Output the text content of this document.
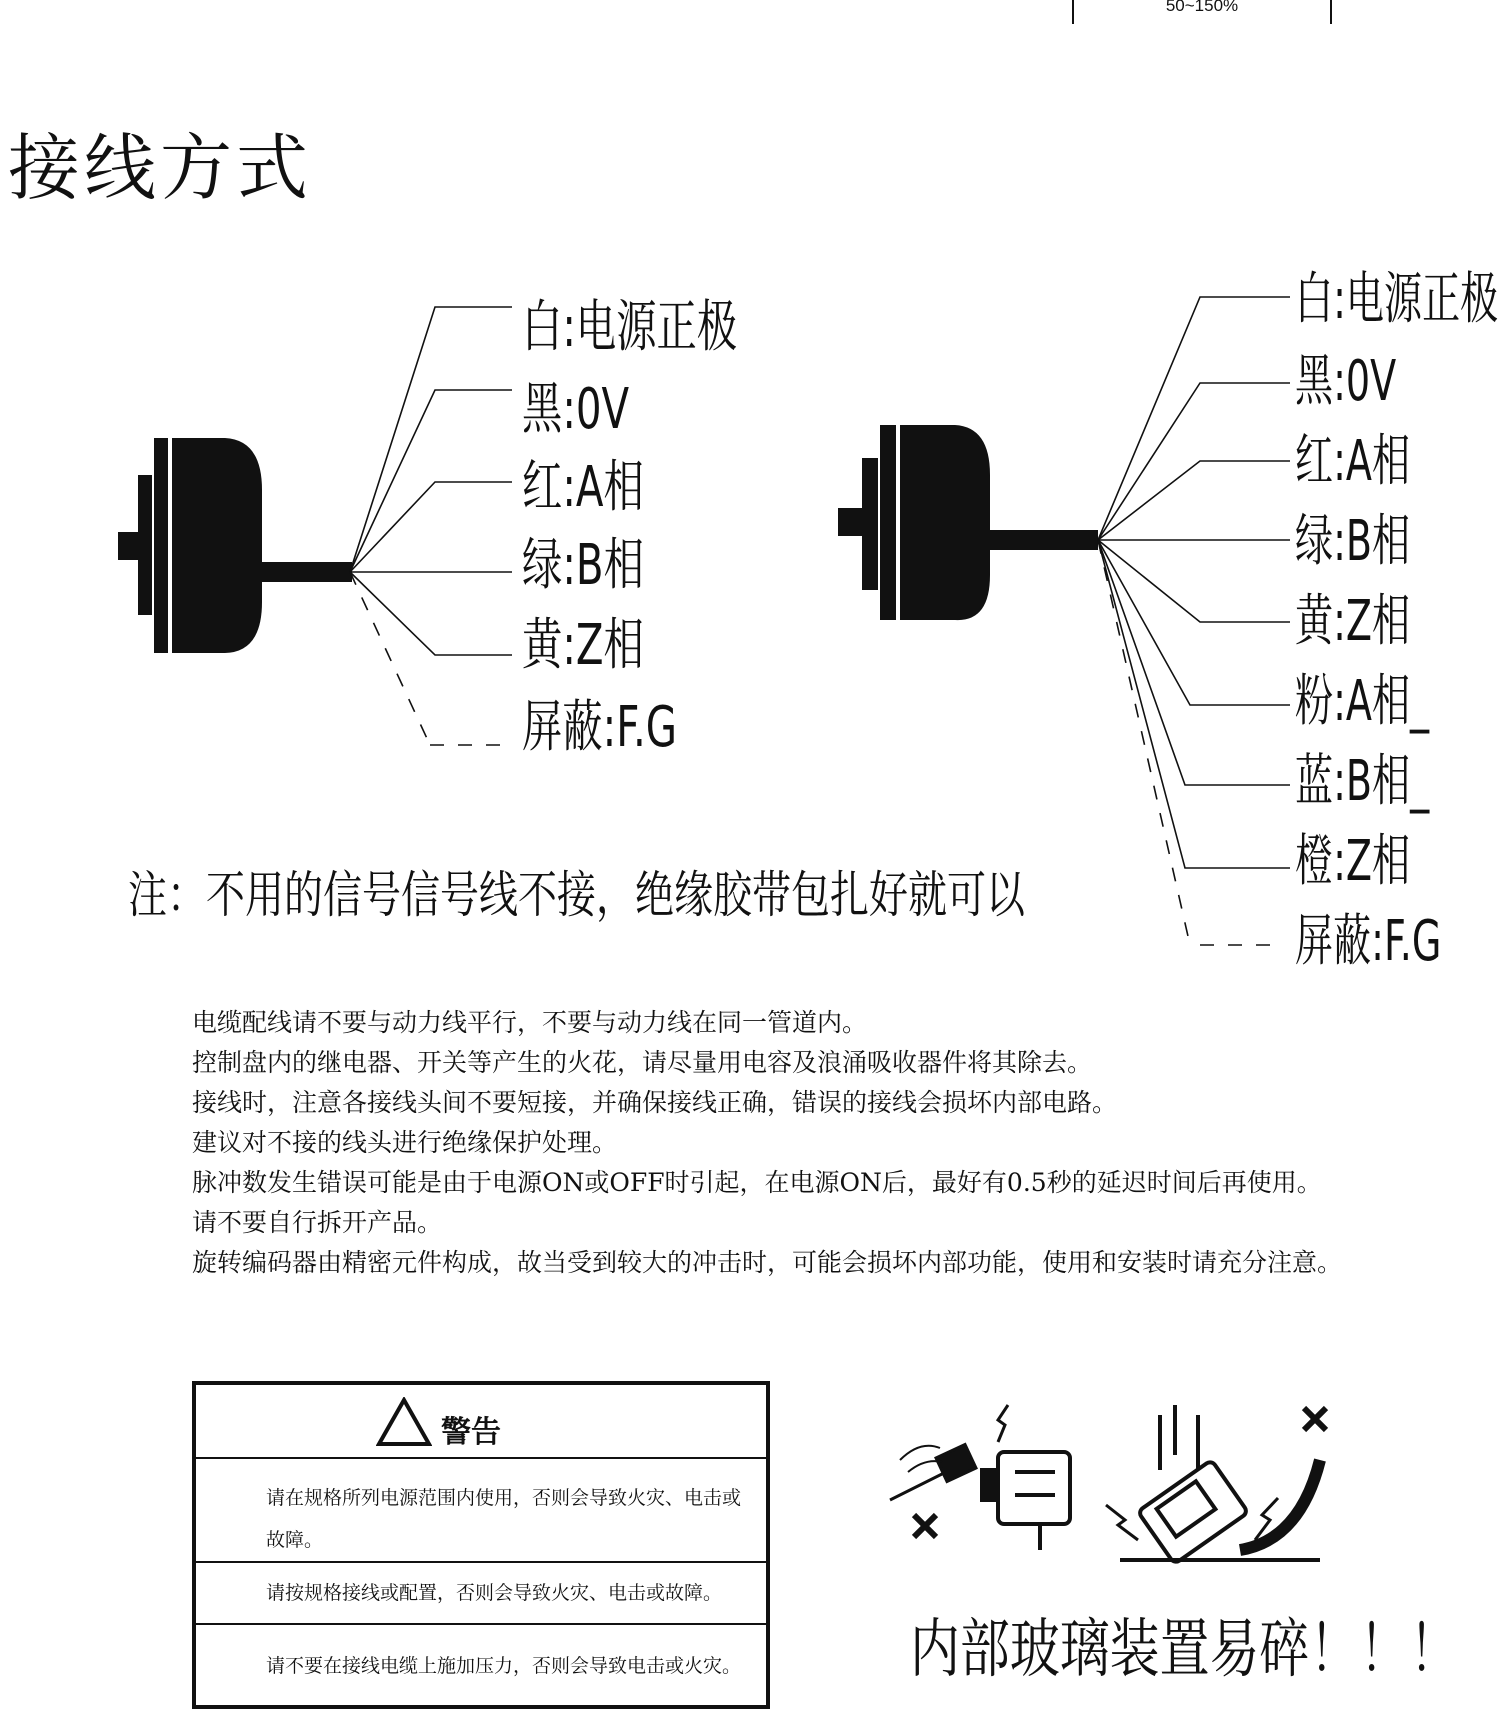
50~150%
接线方式
白:电源正极
黑:0V
红:A相
绿:B相
黄:Z相
屏蔽:F.G
白:电源正极
黑:0V
红:A相
绿:B相
黄:Z相
粉:A相_
蓝:B相_
橙:Z相
屏蔽:F.G
注：不用的信号信号线不接，绝缘胶带包扎好就可以

电缆配线请不要与动力线平行，不要与动力线在同一管道内。

控制盘内的继电器、开关等产生的火花，请尽量用电容及浪涌吸收器件将其除去。

接线时，注意各接线头间不要短接，并确保接线正确，错误的接线会损坏内部电路。

建议对不接的线头进行绝缘保护处理。

脉冲数发生错误可能是由于电源ON或OFF时引起，在电源ON后，最好有0.5秒的延迟时间后再使用。

请不要自行拆开产品。

旋转编码器由精密元件构成，故当受到较大的冲击时，可能会损坏内部功能，使用和安装时请充分注意。

警告
请在规格所列电源范围内使用，否则会导致火灾、电击或故障。
请按规格接线或配置，否则会导致火灾、电击或故障。
请不要在接线电缆上施加压力，否则会导致电击或火灾。	内部玻璃装置易碎！！！
